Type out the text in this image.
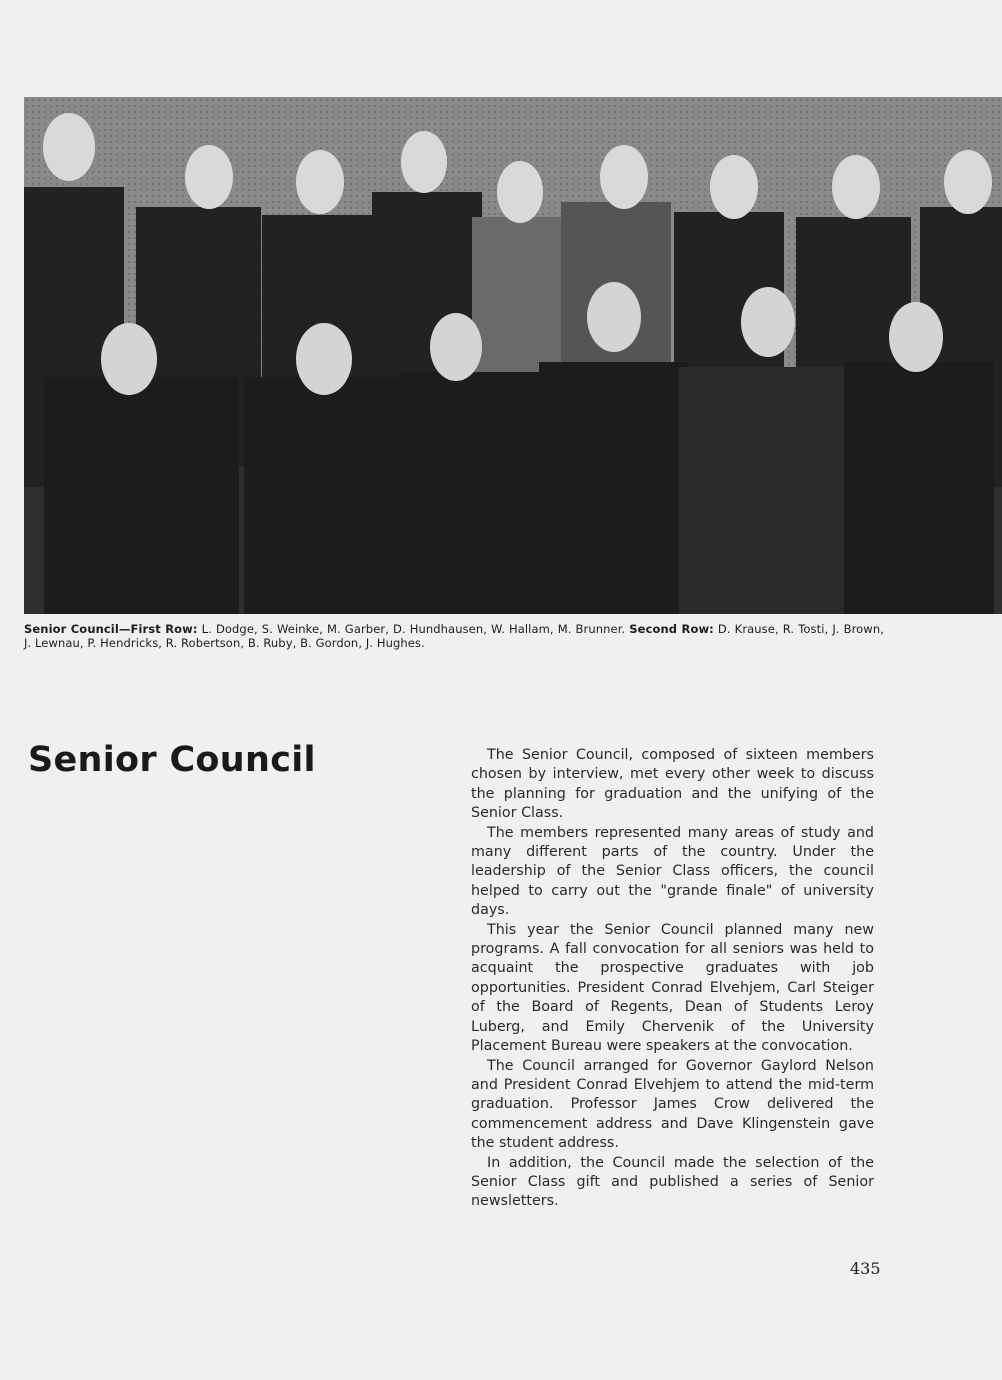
Senior Council—First Row: L. Dodge, S. Weinke, M. Garber, D. Hundhausen, W. Hallam, M. Brunner. Second Row: D. Krause, R. Tosti, J. Brown, J. Lewnau, P. Hendricks, R. Robertson, B. Ruby, B. Gordon, J. Hughes.
Senior Council	The Senior Council, composed of sixteen members chosen by interview, met every other week to discuss the planning for graduation and the unifying of the Senior Class.

The members represented many areas of study and many different parts of the country. Under the leadership of the Senior Class officers, the council helped to carry out the "grande finale" of university days.

This year the Senior Council planned many new programs. A fall convocation for all seniors was held to acquaint the prospective graduates with job opportunities. President Conrad Elvehjem, Carl Steiger of the Board of Regents, Dean of Students Leroy Luberg, and Emily Chervenik of the University Placement Bureau were speakers at the convocation.

The Council arranged for Governor Gaylord Nelson and President Conrad Elvehjem to attend the mid-term graduation. Professor James Crow delivered the commencement address and Dave Klingenstein gave the student address.

In addition, the Council made the selection of the Senior Class gift and published a series of Senior newsletters.

435
